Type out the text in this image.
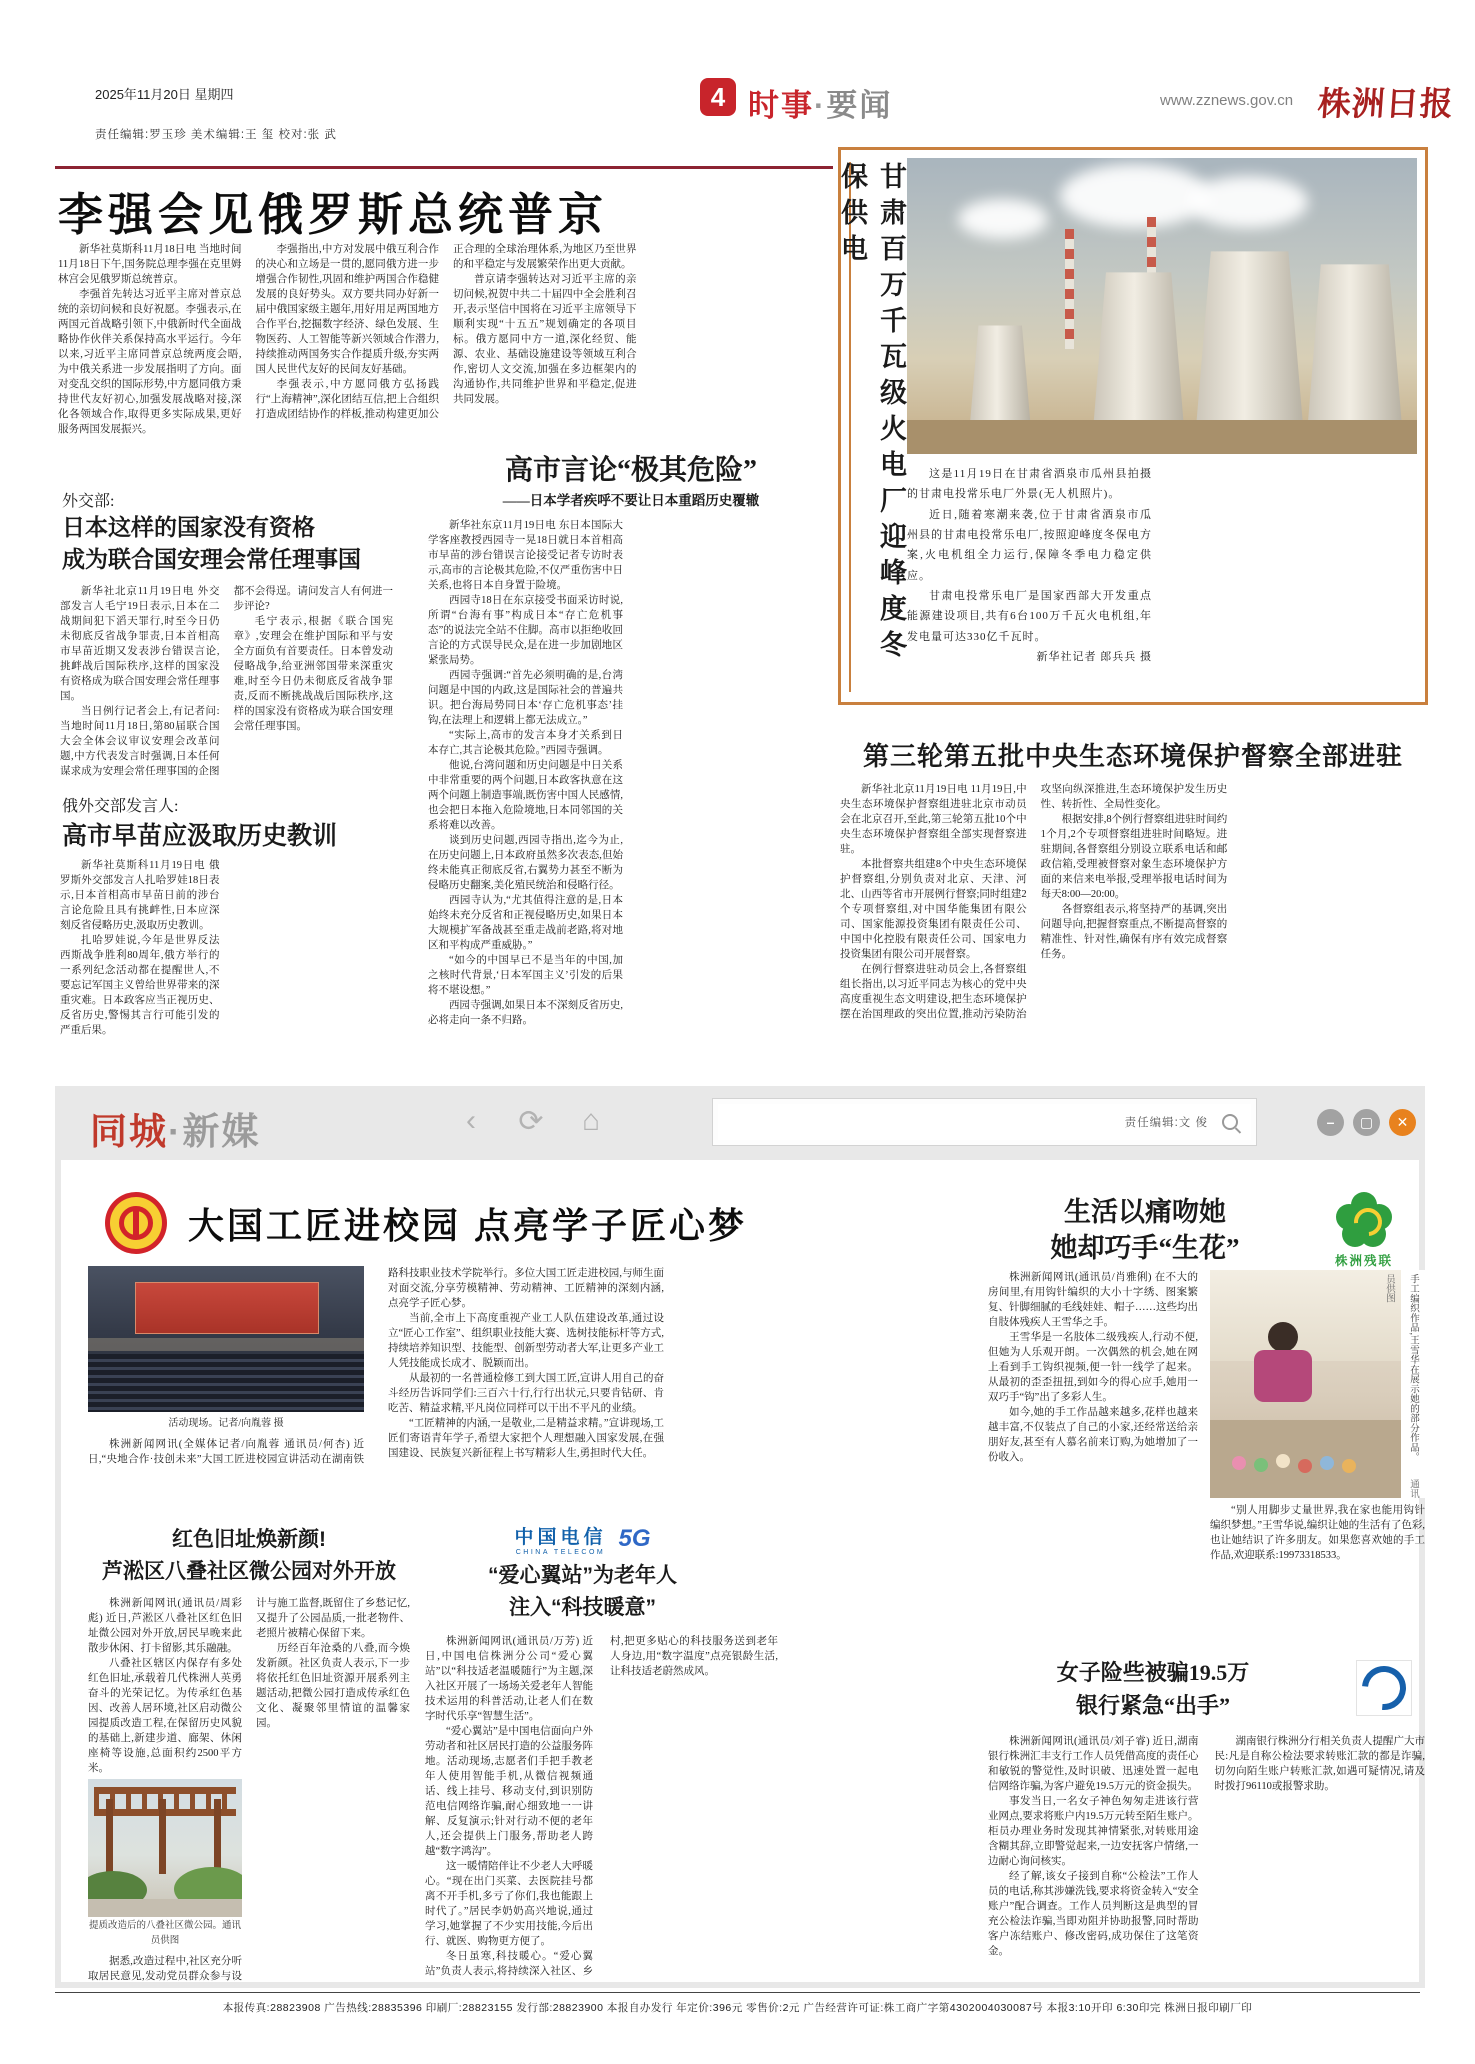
2025年11月20日 星期四
责任编辑:罗玉珍 美术编辑:王 玺 校对:张 武
4 时事·要闻	www.zznews.gov.cn 株洲日报
李强会见俄罗斯总统普京

新华社莫斯科11月18日电 当地时间11月18日下午,国务院总理李强在克里姆林宫会见俄罗斯总统普京。

李强首先转达习近平主席对普京总统的亲切问候和良好祝愿。李强表示,在两国元首战略引领下,中俄新时代全面战略协作伙伴关系保持高水平运行。今年以来,习近平主席同普京总统两度会晤,为中俄关系进一步发展指明了方向。面对变乱交织的国际形势,中方愿同俄方秉持世代友好初心,加强发展战略对接,深化各领域合作,取得更多实际成果,更好服务两国发展振兴。

李强指出,中方对发展中俄互利合作的决心和立场是一贯的,愿同俄方进一步增强合作韧性,巩固和维护两国合作稳健发展的良好势头。双方要共同办好新一届中俄国家级主题年,用好用足两国地方合作平台,挖掘数字经济、绿色发展、生物医药、人工智能等新兴领域合作潜力,持续推动两国务实合作提质升级,夯实两国人民世代友好的民间友好基础。

李强表示,中方愿同俄方弘扬践行“上海精神”,深化团结互信,把上合组织打造成团结协作的样板,推动构建更加公正合理的全球治理体系,为地区乃至世界的和平稳定与发展繁荣作出更大贡献。

普京请李强转达对习近平主席的亲切问候,祝贺中共二十届四中全会胜利召开,表示坚信中国将在习近平主席领导下顺利实现“十五五”规划确定的各项目标。俄方愿同中方一道,深化经贸、能源、农业、基础设施建设等领域互利合作,密切人文交流,加强在多边框架内的沟通协作,共同维护世界和平稳定,促进共同发展。

外交部:
日本这样的国家没有资格
成为联合国安理会常任理事国

新华社北京11月19日电 外交部发言人毛宁19日表示,日本在二战期间犯下滔天罪行,时至今日仍未彻底反省战争罪责,日本首相高市早苗近期又发表涉台错误言论,挑衅战后国际秩序,这样的国家没有资格成为联合国安理会常任理事国。

当日例行记者会上,有记者问:当地时间11月18日,第80届联合国大会全体会议审议安理会改革问题,中方代表发言时强调,日本任何谋求成为安理会常任理事国的企图都不会得逞。请问发言人有何进一步评论?

毛宁表示,根据《联合国宪章》,安理会在维护国际和平与安全方面负有首要责任。日本曾发动侵略战争,给亚洲邻国带来深重灾难,时至今日仍未彻底反省战争罪责,反而不断挑战战后国际秩序,这样的国家没有资格成为联合国安理会常任理事国。

俄外交部发言人:
高市早苗应汲取历史教训

新华社莫斯科11月19日电 俄罗斯外交部发言人扎哈罗娃18日表示,日本首相高市早苗日前的涉台言论危险且具有挑衅性,日本应深刻反省侵略历史,汲取历史教训。

扎哈罗娃说,今年是世界反法西斯战争胜利80周年,俄方举行的一系列纪念活动都在提醒世人,不要忘记军国主义曾给世界带来的深重灾难。日本政客应当正视历史、反省历史,警惕其言行可能引发的严重后果。

高市言论“极其危险”
——日本学者疾呼不要让日本重蹈历史覆辙

新华社东京11月19日电 东日本国际大学客座教授西园寺一晃18日就日本首相高市早苗的涉台错误言论接受记者专访时表示,高市的言论极其危险,不仅严重伤害中日关系,也将日本自身置于险境。

西园寺18日在东京接受书面采访时说,所谓“台海有事”构成日本“存亡危机事态”的说法完全站不住脚。高市以拒绝收回言论的方式误导民众,是在进一步加剧地区紧张局势。

西园寺强调:“首先必须明确的是,台湾问题是中国的内政,这是国际社会的普遍共识。把台海局势同日本‘存亡危机事态’挂钩,在法理上和逻辑上都无法成立。”

“实际上,高市的发言本身才关系到日本存亡,其言论极其危险。”西园寺强调。

他说,台湾问题和历史问题是中日关系中非常重要的两个问题,日本政客执意在这两个问题上制造事端,既伤害中国人民感情,也会把日本拖入危险境地,日本同邻国的关系将难以改善。

谈到历史问题,西园寺指出,迄今为止,在历史问题上,日本政府虽然多次表态,但始终未能真正彻底反省,右翼势力甚至不断为侵略历史翻案,美化殖民统治和侵略行径。

西园寺认为,“尤其值得注意的是,日本始终未充分反省和正视侵略历史,如果日本大规模扩军备战甚至重走战前老路,将对地区和平构成严重威胁。”

“如今的中国早已不是当年的中国,加之核时代背景,‘日本军国主义’引发的后果将不堪设想。”

西园寺强调,如果日本不深刻反省历史,必将走向一条不归路。

甘肃百万千瓦级火电厂迎峰度冬保供电

这是11月19日在甘肃省酒泉市瓜州县拍摄的甘肃电投常乐电厂外景(无人机照片)。

近日,随着寒潮来袭,位于甘肃省酒泉市瓜州县的甘肃电投常乐电厂,按照迎峰度冬保电方案,火电机组全力运行,保障冬季电力稳定供应。

甘肃电投常乐电厂是国家西部大开发重点能源建设项目,共有6台100万千瓦火电机组,年发电量可达330亿千瓦时。

新华社记者 郎兵兵 摄

第三轮第五批中央生态环境保护督察全部进驻

新华社北京11月19日电 11月19日,中央生态环境保护督察组进驻北京市动员会在北京召开,至此,第三轮第五批10个中央生态环境保护督察组全部实现督察进驻。

本批督察共组建8个中央生态环境保护督察组,分别负责对北京、天津、河北、山西等省市开展例行督察;同时组建2个专项督察组,对中国华能集团有限公司、国家能源投资集团有限责任公司、中国中化控股有限责任公司、国家电力投资集团有限公司开展督察。

在例行督察进驻动员会上,各督察组组长指出,以习近平同志为核心的党中央高度重视生态文明建设,把生态环境保护摆在治国理政的突出位置,推动污染防治攻坚向纵深推进,生态环境保护发生历史性、转折性、全局性变化。

根据安排,8个例行督察组进驻时间约1个月,2个专项督察组进驻时间略短。进驻期间,各督察组分别设立联系电话和邮政信箱,受理被督察对象生态环境保护方面的来信来电举报,受理举报电话时间为每天8:00—20:00。

各督察组表示,将坚持严的基调,突出问题导向,把握督察重点,不断提高督察的精准性、针对性,确保有序有效完成督察任务。

同城·新媒	‹	⟳	⌂	责任编辑:文 俊	–	▢	✕
大国工匠进校园 点亮学子匠心梦

活动现场。记者/向胤蓉 摄

株洲新闻网讯(全媒体记者/向胤蓉 通讯员/何杏) 近日,“央地合作·技创未来”大国工匠进校园宣讲活动在湖南铁路科技职业技术学院举行。多位大国工匠走进校园,与师生面对面交流,分享劳模精神、劳动精神、工匠精神的深刻内涵,点亮学子匠心梦。

当前,全市上下高度重视产业工人队伍建设改革,通过设立“匠心工作室”、组织职业技能大赛、选树技能标杆等方式,持续培养知识型、技能型、创新型劳动者大军,让更多产业工人凭技能成长成才、脱颖而出。

从最初的一名普通检修工到大国工匠,宣讲人用自己的奋斗经历告诉同学们:三百六十行,行行出状元,只要肯钻研、肯吃苦、精益求精,平凡岗位同样可以干出不平凡的业绩。

“工匠精神的内涵,一是敬业,二是精益求精。”宣讲现场,工匠们寄语青年学子,希望大家把个人理想融入国家发展,在强国建设、民族复兴新征程上书写精彩人生,勇担时代大任。

生活以痛吻她
她却巧手“生花”	株洲残联

株洲新闻网讯(通讯员/肖雅俐) 在不大的房间里,有用钩针编织的大小十字绣、图案繁复、针脚细腻的毛线娃娃、帽子……这些均出自肢体残疾人王雪华之手。

王雪华是一名肢体二级残疾人,行动不便,但她为人乐观开朗。一次偶然的机会,她在网上看到手工钩织视频,便一针一线学了起来。从最初的歪歪扭扭,到如今的得心应手,她用一双巧手“钩”出了多彩人生。

如今,她的手工作品越来越多,花样也越来越丰富,不仅装点了自己的小家,还经常送给亲朋好友,甚至有人慕名前来订购,为她增加了一份收入。	手工编织作品,王雪华在展示她的部分作品。 通讯员供图

“别人用脚步丈量世界,我在家也能用钩针编织梦想。”王雪华说,编织让她的生活有了色彩,也让她结识了许多朋友。如果您喜欢她的手工作品,欢迎联系:19973318533。

红色旧址焕新颜!
芦淞区八叠社区微公园对外开放

株洲新闻网讯(通讯员/周彩彪) 近日,芦淞区八叠社区红色旧址微公园对外开放,居民早晚来此散步休闲、打卡留影,其乐融融。

八叠社区辖区内保存有多处红色旧址,承载着几代株洲人英勇奋斗的光荣记忆。为传承红色基因、改善人居环境,社区启动微公园提质改造工程,在保留历史风貌的基础上,新建步道、廊架、休闲座椅等设施,总面积约2500平方米。

提质改造后的八叠社区微公园。通讯员供图

据悉,改造过程中,社区充分听取居民意见,发动党员群众参与设计与施工监督,既留住了乡愁记忆,又提升了公园品质,一批老物件、老照片被精心保留下来。

历经百年沧桑的八叠,而今焕发新颜。社区负责人表示,下一步将依托红色旧址资源开展系列主题活动,把微公园打造成传承红色文化、凝聚邻里情谊的温馨家园。

中国电信
CHINA TELECOM
5G
“爱心翼站”为老年人
注入“科技暖意”

株洲新闻网讯(通讯员/万芳) 近日,中国电信株洲分公司“爱心翼站”以“科技适老温暖随行”为主题,深入社区开展了一场场关爱老年人智能技术运用的科普活动,让老人们在数字时代乐享“智慧生活”。

“爱心翼站”是中国电信面向户外劳动者和社区居民打造的公益服务阵地。活动现场,志愿者们手把手教老年人使用智能手机,从微信视频通话、线上挂号、移动支付,到识别防范电信网络诈骗,耐心细致地一一讲解、反复演示;针对行动不便的老年人,还会提供上门服务,帮助老人跨越“数字鸿沟”。

这一暖情陪伴让不少老人大呼暖心。“现在出门买菜、去医院挂号都离不开手机,多亏了你们,我也能跟上时代了。”居民李奶奶高兴地说,通过学习,她掌握了不少实用技能,今后出行、就医、购物更方便了。

冬日虽寒,科技暖心。“爱心翼站”负责人表示,将持续深入社区、乡村,把更多贴心的科技服务送到老年人身边,用“数字温度”点亮银龄生活,让科技适老蔚然成风。	女子险些被骗19.5万
银行紧急“出手”

株洲新闻网讯(通讯员/刘子睿) 近日,湖南银行株洲汇丰支行工作人员凭借高度的责任心和敏锐的警觉性,及时识破、迅速处置一起电信网络诈骗,为客户避免19.5万元的资金损失。

事发当日,一名女子神色匆匆走进该行营业网点,要求将账户内19.5万元转至陌生账户。柜员办理业务时发现其神情紧张,对转账用途含糊其辞,立即警觉起来,一边安抚客户情绪,一边耐心询问核实。

经了解,该女子接到自称“公检法”工作人员的电话,称其涉嫌洗钱,要求将资金转入“安全账户”配合调查。工作人员判断这是典型的冒充公检法诈骗,当即劝阻并协助报警,同时帮助客户冻结账户、修改密码,成功保住了这笔资金。

湖南银行株洲分行相关负责人提醒广大市民:凡是自称公检法要求转账汇款的都是诈骗,切勿向陌生账户转账汇款,如遇可疑情况,请及时拨打96110或报警求助。

本报传真:28823908 广告热线:28835396 印刷厂:28823155 发行部:28823900 本报自办发行 年定价:396元 零售价:2元 广告经营许可证:株工商广字第4302004030087号 本报3:10开印 6:30印完 株洲日报印刷厂印
